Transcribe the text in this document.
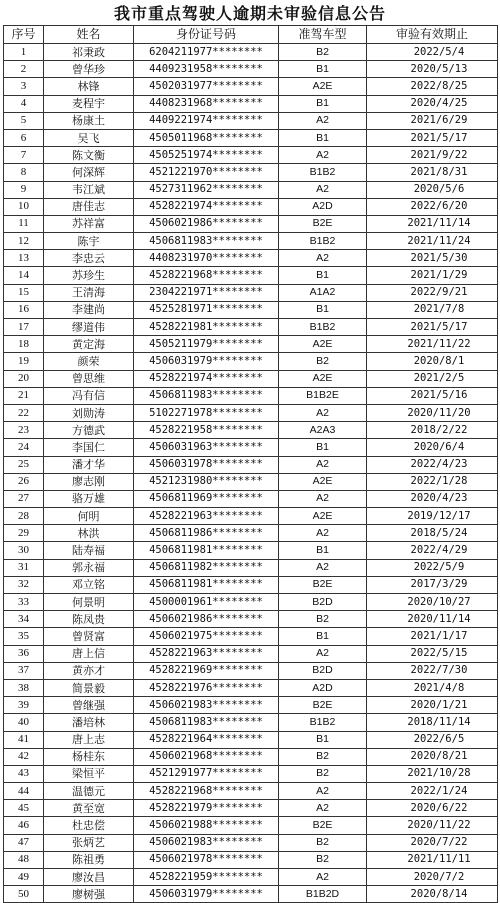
我市重点驾驶人逾期未审验信息公告
序号	姓名	身份证号码	准驾车型	审验有效期止
1	祁秉政	6204211977********	B2	2022/5/4
2	曾华珍	4409231958********	B1	2020/5/13
3	林锋	4502031977********	A2E	2022/8/25
4	麦程宇	4408231968********	B1	2020/4/25
5	杨康土	4409221974********	A2	2021/6/29
6	吴飞	4505011968********	B1	2021/5/17
7	陈文衡	4505251974********	A2	2021/9/22
8	何深辉	4521221970********	B1B2	2021/8/31
9	韦江斌	4527311962********	A2	2020/5/6
10	唐佳志	4528221974********	A2D	2022/6/20
11	苏祥富	4506021986********	B2E	2021/11/14
12	陈宇	4506811983********	B1B2	2021/11/24
13	李忠云	4408231970********	A2	2021/5/30
14	苏珍生	4528221968********	B1	2021/1/29
15	王清海	2304221971********	A1A2	2022/9/21
16	李建尚	4525281971********	B1	2021/7/8
17	缪道伟	4528221981********	B1B2	2021/5/17
18	黄定海	4505211979********	A2E	2021/11/22
19	颜荣	4506031979********	B2	2020/8/1
20	曾思维	4528221974********	A2E	2021/2/5
21	冯有信	4506811983********	B1B2E	2021/5/16
22	刘勋涛	5102271978********	A2	2020/11/20
23	方德武	4528221958********	A2A3	2018/2/22
24	李国仁	4506031963********	B1	2020/6/4
25	潘才华	4506031978********	A2	2022/4/23
26	廖志刚	4521231980********	A2E	2022/1/28
27	骆万雄	4506811969********	A2	2020/4/23
28	何明	4528221963********	A2E	2019/12/17
29	林洪	4506811986********	A2	2018/5/24
30	陆寿福	4506811981********	B1	2022/4/29
31	郭永福	4506811982********	A2	2022/5/9
32	邓立铭	4506811981********	B2E	2017/3/29
33	何景明	4500001961********	B2D	2020/10/27
34	陈凤贵	4506021986********	B2	2020/11/14
35	曾贤富	4506021975********	B1	2021/1/17
36	唐上信	4528221963********	A2	2022/5/15
37	黄亦才	4528221969********	B2D	2022/7/30
38	简景毅	4528221976********	A2D	2021/4/8
39	曾继强	4506021983********	B2E	2020/1/21
40	潘培林	4506811983********	B1B2	2018/11/14
41	唐上志	4528221964********	B1	2022/6/5
42	杨桂东	4506021968********	B2	2020/8/21
43	梁恒平	4521291977********	B2	2021/10/28
44	温德元	4528221968********	A2	2022/1/24
45	黄至宽	4528221979********	A2	2020/6/22
46	杜忠偿	4506021988********	B2E	2020/11/22
47	张炳艺	4506021983********	B2	2020/7/22
48	陈祖勇	4506021978********	B2	2021/11/11
49	廖汝昌	4528221959********	A2	2020/7/2
50	廖树强	4506031979********	B1B2D	2020/8/14
